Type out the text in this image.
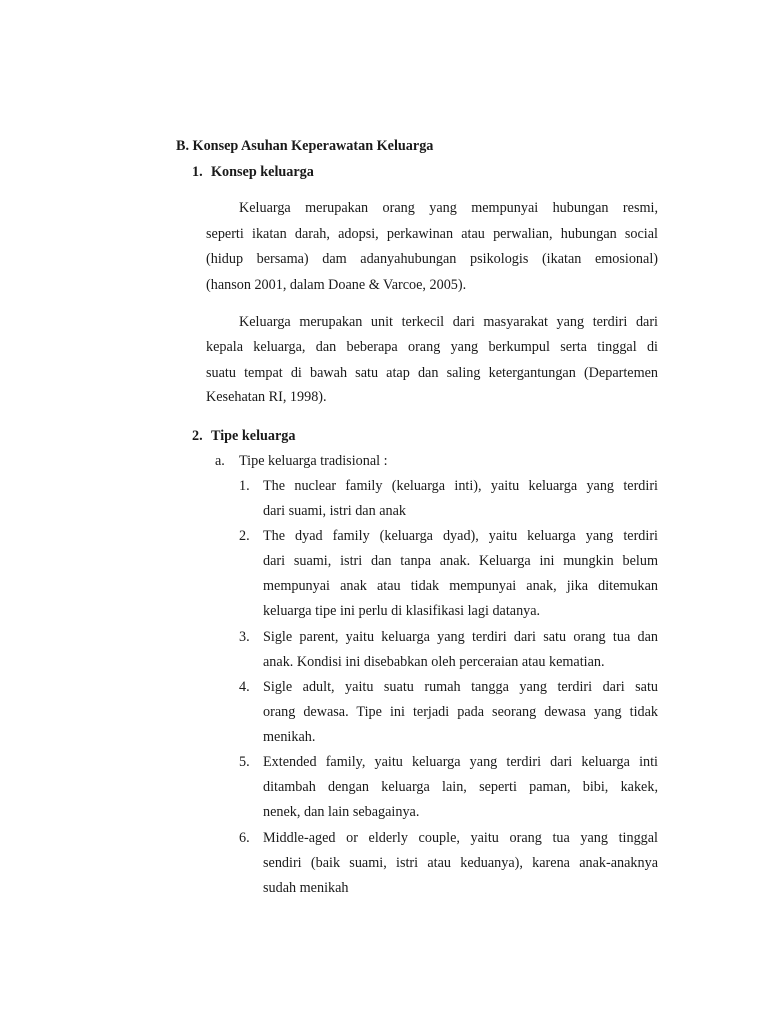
B. Konsep Asuhan Keperawatan Keluarga
1. Konsep keluarga
Keluarga merupakan orang yang mempunyai hubungan resmi,
seperti ikatan darah, adopsi, perkawinan atau perwalian, hubungan social
(hidup bersama) dam adanyahubungan psikologis (ikatan emosional)
(hanson 2001, dalam Doane & Varcoe, 2005).
Keluarga merupakan unit terkecil dari masyarakat yang terdiri dari
kepala keluarga, dan beberapa orang yang berkumpul serta tinggal di
suatu tempat di bawah satu atap dan saling ketergantungan (Departemen
Kesehatan RI, 1998).
2. Tipe keluarga
a. Tipe keluarga tradisional :
1. The nuclear family (keluarga inti), yaitu keluarga yang terdiri
dari suami, istri dan anak
2. The dyad family (keluarga dyad), yaitu keluarga yang terdiri
dari suami, istri dan tanpa anak. Keluarga ini mungkin belum
mempunyai anak atau tidak mempunyai anak, jika ditemukan
keluarga tipe ini perlu di klasifikasi lagi datanya.
3. Sigle parent, yaitu keluarga yang terdiri dari satu orang tua dan
anak. Kondisi ini disebabkan oleh perceraian atau kematian.
4. Sigle adult, yaitu suatu rumah tangga yang terdiri dari satu
orang dewasa. Tipe ini terjadi pada seorang dewasa yang tidak
menikah.
5. Extended family, yaitu keluarga yang terdiri dari keluarga inti
ditambah dengan keluarga lain, seperti paman, bibi, kakek,
nenek, dan lain sebagainya.
6. Middle-aged or elderly couple, yaitu orang tua yang tinggal
sendiri (baik suami, istri atau keduanya), karena anak-anaknya
sudah menikah
